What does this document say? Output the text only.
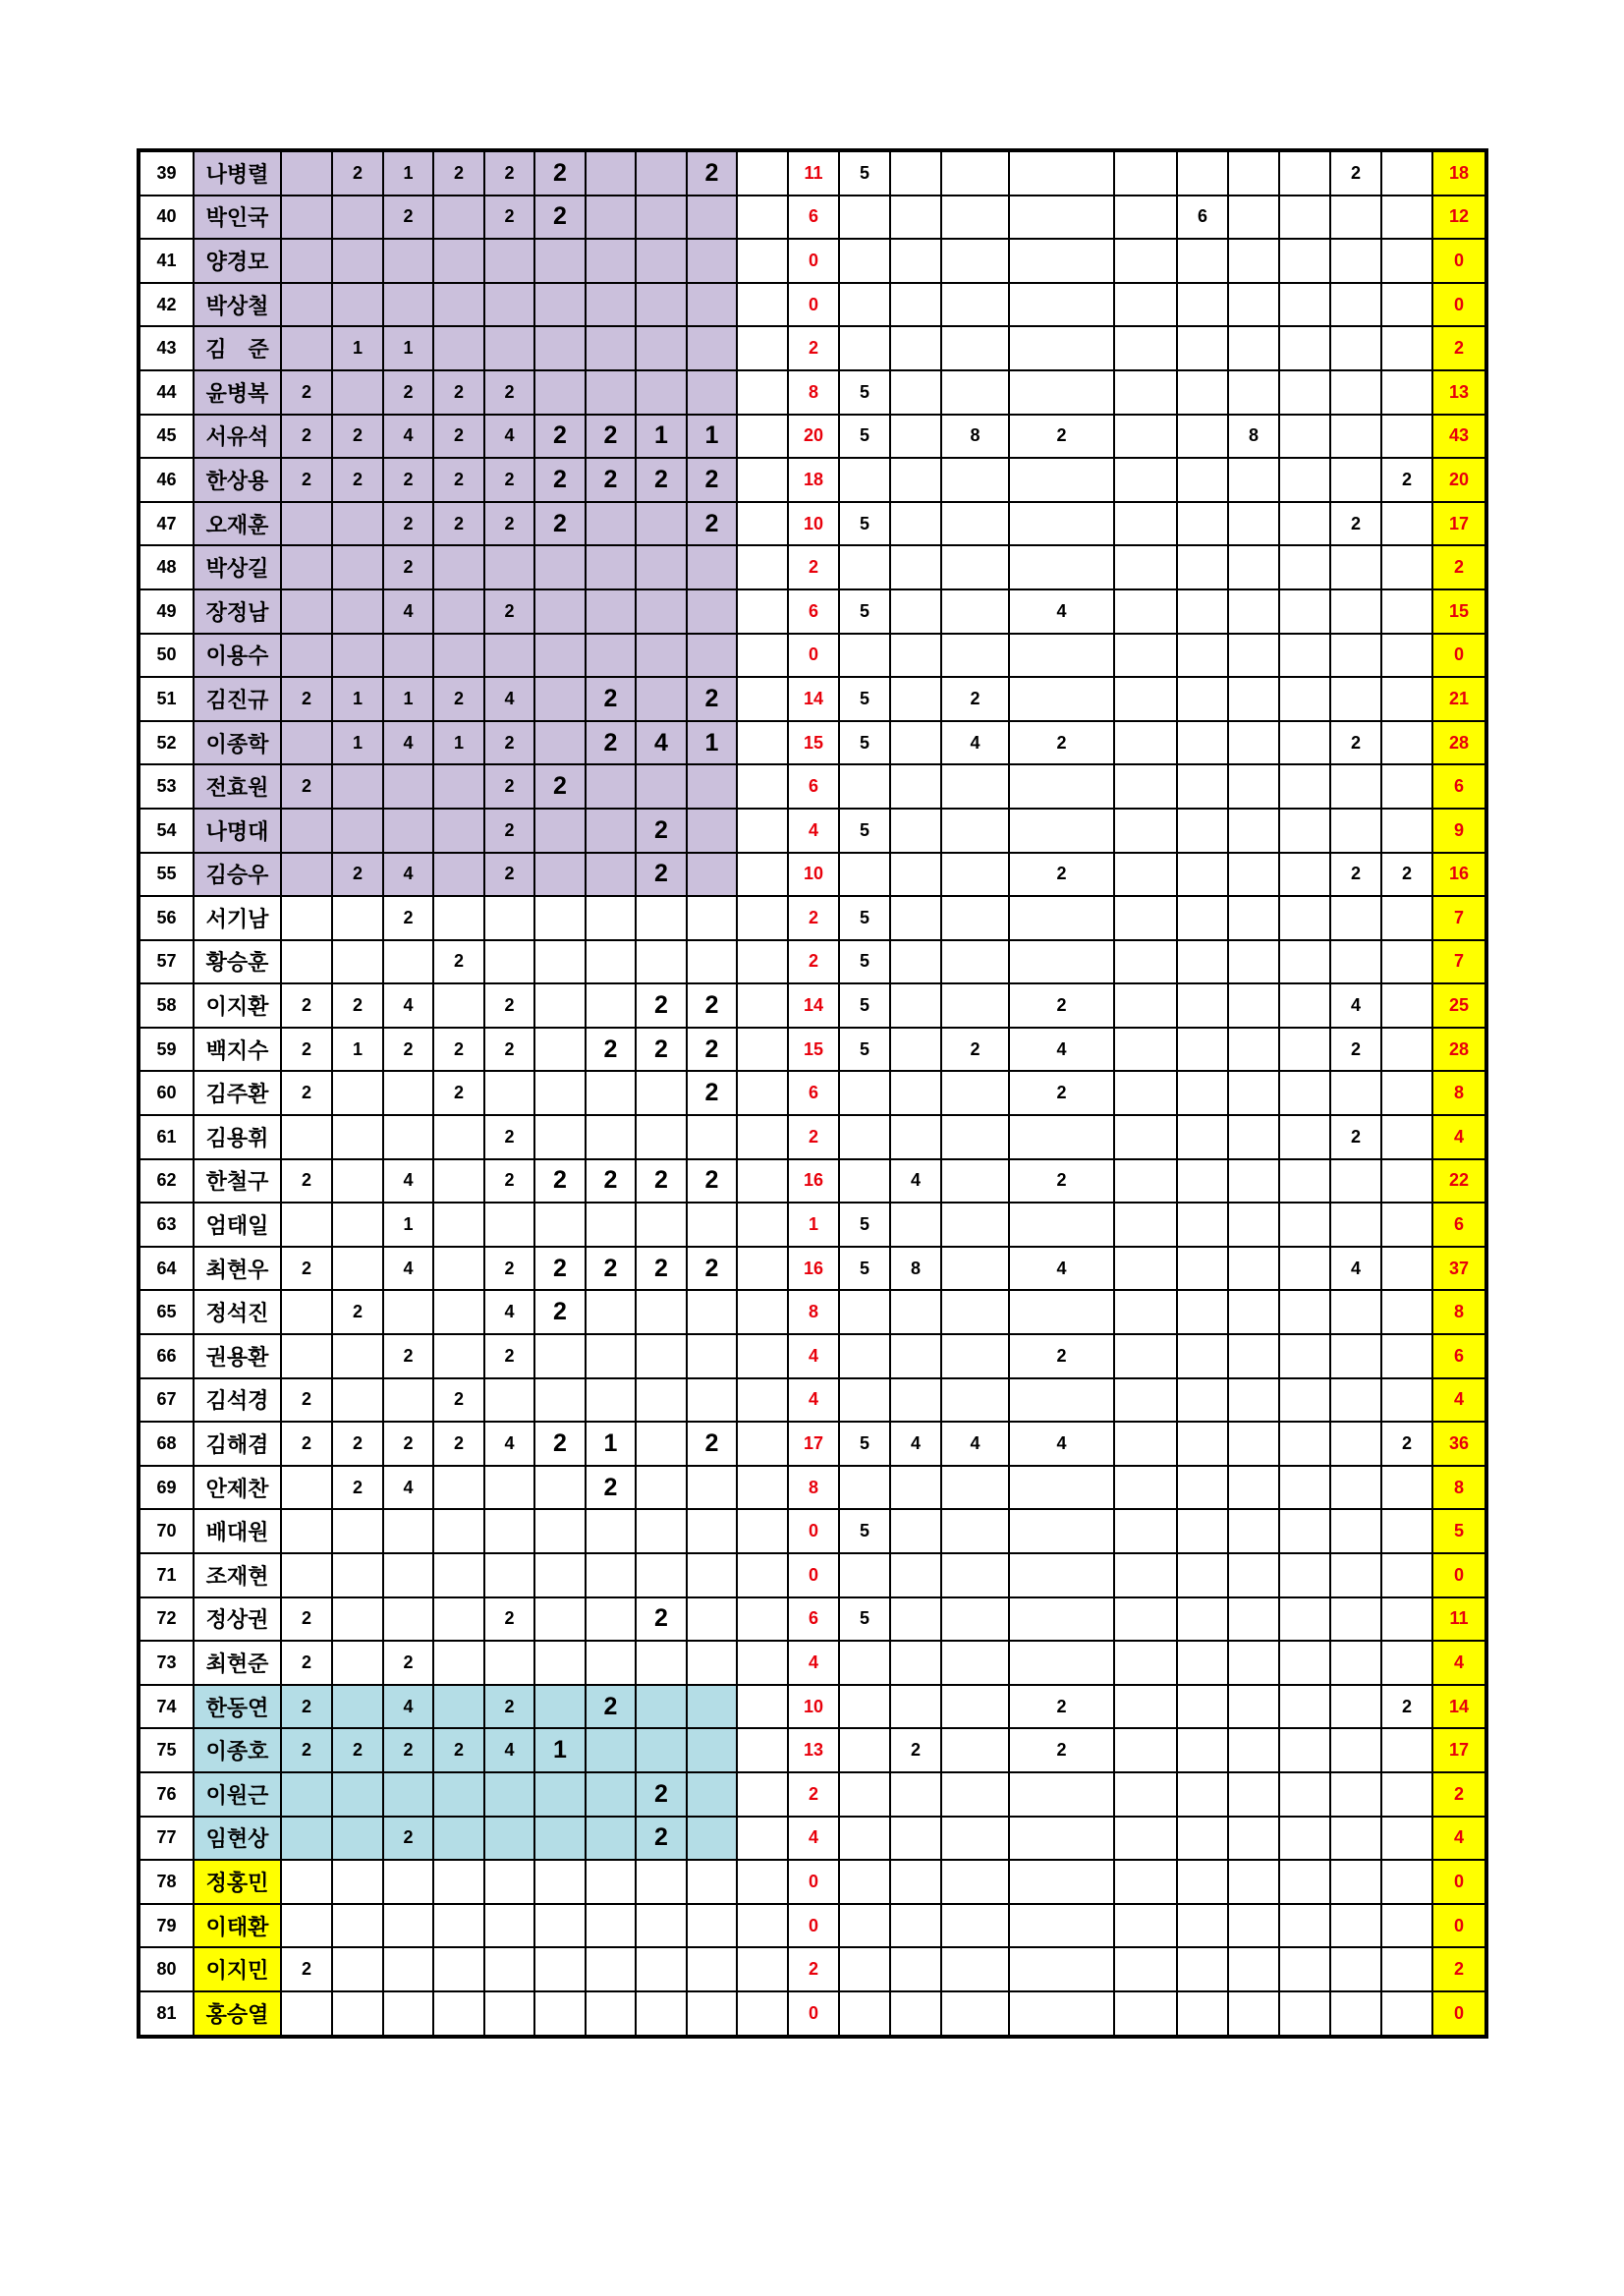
39	나병렬		2	1	2	2	2			2		11	5								2		18
40	박인국			2		2	2					6						6					12
41	양경모											0											0
42	박상철											0											0
43	김　준		1	1								2											2
44	윤병복	2		2	2	2						8	5										13
45	서유석	2	2	4	2	4	2	2	1	1		20	5		8	2			8				43
46	한상용	2	2	2	2	2	2	2	2	2		18										2	20
47	오재훈			2	2	2	2			2		10	5								2		17
48	박상길			2								2											2
49	장정남			4		2						6	5			4							15
50	이용수											0											0
51	김진규	2	1	1	2	4		2		2		14	5		2								21
52	이종학		1	4	1	2		2	4	1		15	5		4	2					2		28
53	전효원	2				2	2					6											6
54	나명대					2			2			4	5										9
55	김승우		2	4		2			2			10				2					2	2	16
56	서기남			2								2	5										7
57	황승훈				2							2	5										7
58	이지환	2	2	4		2			2	2		14	5			2					4		25
59	백지수	2	1	2	2	2		2	2	2		15	5		2	4					2		28
60	김주환	2			2					2		6				2							8
61	김용휘					2						2									2		4
62	한철구	2		4		2	2	2	2	2		16		4		2							22
63	엄태일			1								1	5										6
64	최현우	2		4		2	2	2	2	2		16	5	8		4					4		37
65	정석진		2			4	2					8											8
66	권용환			2		2						4				2							6
67	김석경	2			2							4											4
68	김해겸	2	2	2	2	4	2	1		2		17	5	4	4	4						2	36
69	안제찬		2	4				2				8											8
70	배대원											0	5										5
71	조재현											0											0
72	정상권	2				2			2			6	5										11
73	최현준	2		2								4											4
74	한동연	2		4		2		2				10				2						2	14
75	이종호	2	2	2	2	4	1					13		2		2							17
76	이원근								2			2											2
77	임현상			2					2			4											4
78	정홍민											0											0
79	이태환											0											0
80	이지민	2										2											2
81	홍승열											0											0
